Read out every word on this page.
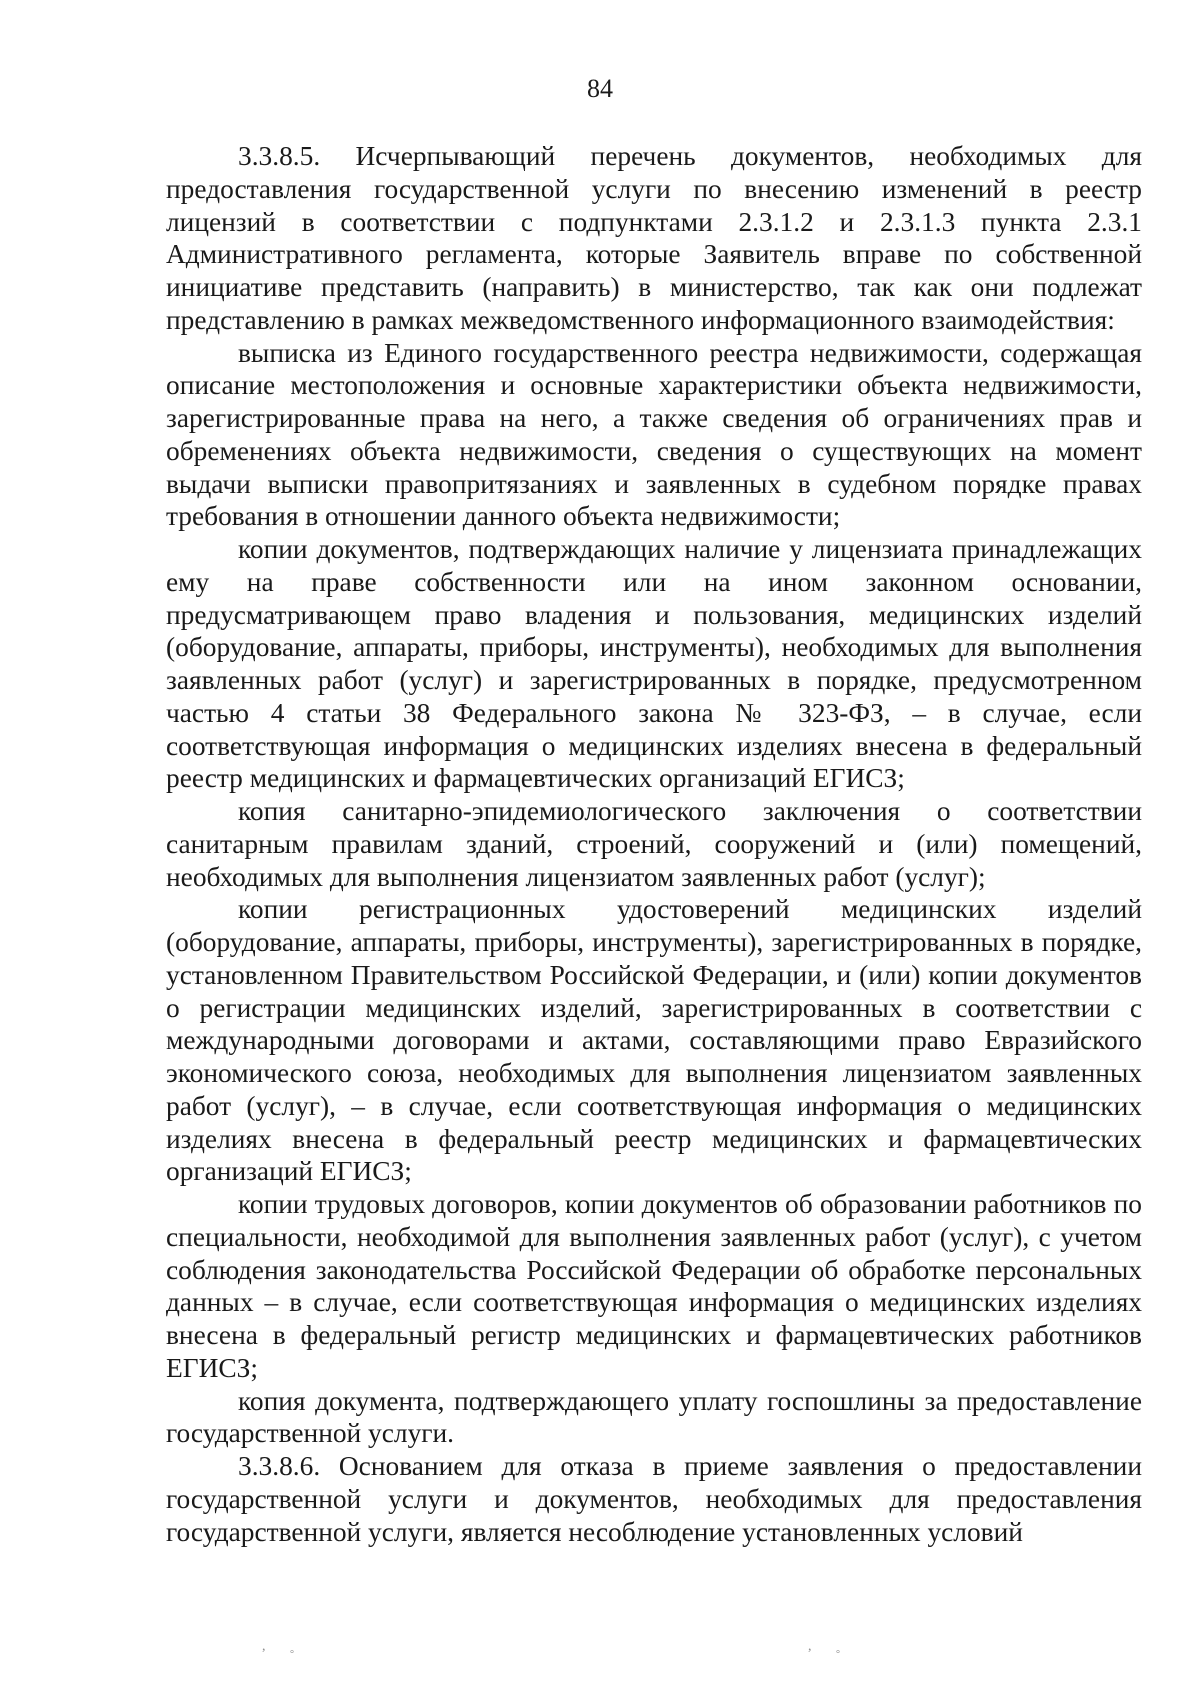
84

3.3.8.5. Исчерпывающий перечень документов, необходимых для предоставления государственной услуги по внесению изменений в реестр лицензий в соответствии с подпунктами 2.3.1.2 и 2.3.1.3 пункта 2.3.1 Административного регламента, которые Заявитель вправе по собственной инициативе представить (направить) в министерство, так как они подлежат представлению в рамках межведомственного информационного взаимодействия:

выписка из Единого государственного реестра недвижимости, содержащая описание местоположения и основные характеристики объекта недвижимости, зарегистрированные права на него, а также сведения об ограничениях прав и обременениях объекта недвижимости, сведения о существующих на момент выдачи выписки правопритязаниях и заявленных в судебном порядке правах требования в отношении данного объекта недвижимости;

копии документов, подтверждающих наличие у лицензиата принадлежащих ему на праве собственности или на ином законном основании, предусматривающем право владения и пользования, медицинских изделий (оборудование, аппараты, приборы, инструменты), необходимых для выполнения заявленных работ (услуг) и зарегистрированных в порядке, предусмотренном частью 4 статьи 38 Федерального закона № 323-ФЗ, – в случае, если соответствующая информация о медицинских изделиях внесена в федеральный реестр медицинских и фармацевтических организаций ЕГИСЗ;

копия санитарно-эпидемиологического заключения о соответствии санитарным правилам зданий, строений, сооружений и (или) помещений, необходимых для выполнения лицензиатом заявленных работ (услуг);

копии регистрационных удостоверений медицинских изделий (оборудование, аппараты, приборы, инструменты), зарегистрированных в порядке, установленном Правительством Российской Федерации, и (или) копии документов о регистрации медицинских изделий, зарегистрированных в соответствии с международными договорами и актами, составляющими право Евразийского экономического союза, необходимых для выполнения лицензиатом заявленных работ (услуг), – в случае, если соответствующая информация о медицинских изделиях внесена в федеральный реестр медицинских и фармацевтических организаций ЕГИСЗ;

копии трудовых договоров, копии документов об образовании работников по специальности, необходимой для выполнения заявленных работ (услуг), с учетом соблюдения законодательства Российской Федерации об обработке персональных данных – в случае, если соответствующая информация о медицинских изделиях внесена в федеральный регистр медицинских и фармацевтических работников ЕГИСЗ;

копия документа, подтверждающего уплату госпошлины за предоставление государственной услуги.

3.3.8.6. Основанием для отказа в приеме заявления о предоставлении государственной услуги и документов, необходимых для предоставления государственной услуги, является несоблюдение установленных условий

,
°
,
°
